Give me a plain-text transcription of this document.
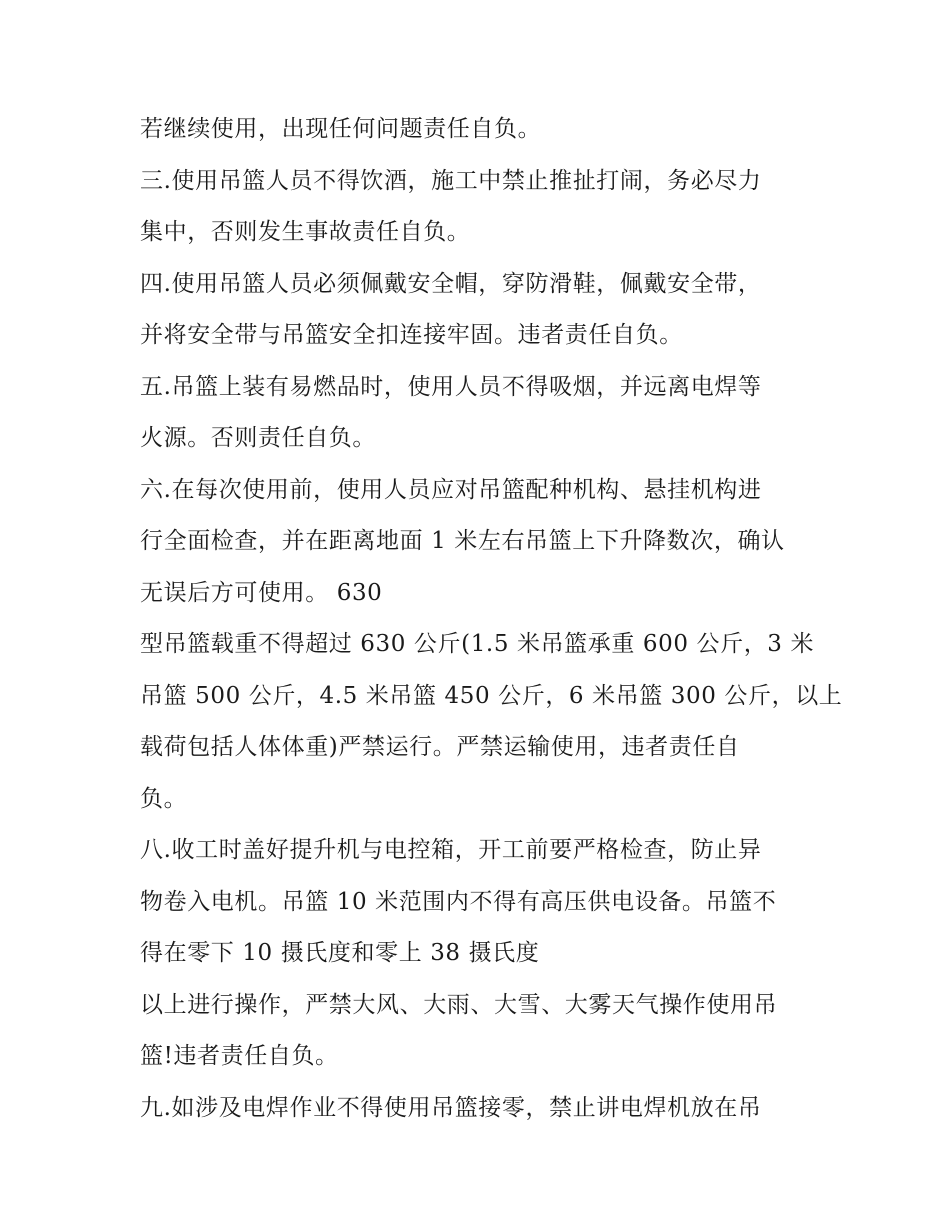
若继续使用，出现任何问题责任自负。
三.使用吊篮人员不得饮酒，施工中禁止推扯打闹，务必尽力
集中，否则发生事故责任自负。
四.使用吊篮人员必须佩戴安全帽，穿防滑鞋，佩戴安全带，
并将安全带与吊篮安全扣连接牢固。违者责任自负。
五.吊篮上装有易燃品时，使用人员不得吸烟，并远离电焊等
火源。否则责任自负。
六.在每次使用前，使用人员应对吊篮配种机构、悬挂机构进
行全面检查，并在距离地面 1 米左右吊篮上下升降数次，确认
无误后方可使用。 630
型吊篮载重不得超过 630 公斤(1.5 米吊篮承重 600 公斤，3 米
吊篮 500 公斤，4.5 米吊篮 450 公斤，6 米吊篮 300 公斤，以上
载荷包括人体体重)严禁运行。严禁运输使用，违者责任自
负。
八.收工时盖好提升机与电控箱，开工前要严格检查，防止异
物卷入电机。吊篮 10 米范围内不得有高压供电设备。吊篮不
得在零下 10 摄氏度和零上 38 摄氏度
以上进行操作，严禁大风、大雨、大雪、大雾天气操作使用吊
篮!违者责任自负。
九.如涉及电焊作业不得使用吊篮接零，禁止讲电焊机放在吊
